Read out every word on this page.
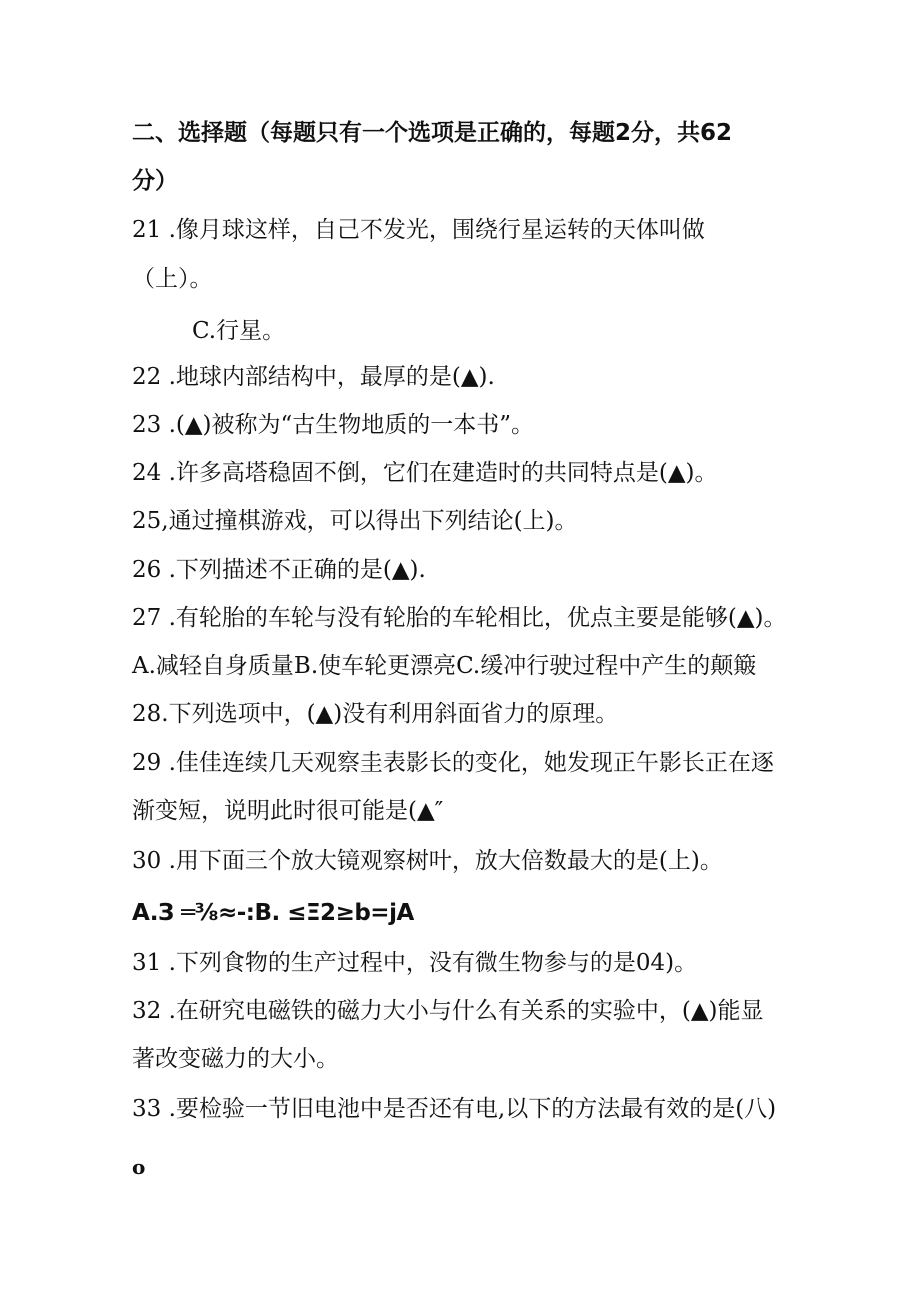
二、选择题（每题只有一个选项是正确的，每题2分，共62
分）
21 .像月球这样，自己不发光，围绕行星运转的天体叫做
（上）。
C.行星。
22 .地球内部结构中，最厚的是(▲).
23 .(▲)被称为“古生物地质的一本书”。
24 .许多高塔稳固不倒，它们在建造时的共同特点是(▲)。
25,通过撞棋游戏，可以得出下列结论(上)。
26 .下列描述不正确的是(▲).
27 .有轮胎的车轮与没有轮胎的车轮相比，优点主要是能够(▲)。
A.减轻自身质量B.使车轮更漂亮C.缓冲行驶过程中产生的颠簸
28.下列选项中，(▲)没有利用斜面省力的原理。
29 .佳佳连续几天观察圭表影长的变化，她发现正午影长正在逐
渐变短，说明此时很可能是(▲″
30 .用下面三个放大镜观察树叶，放大倍数最大的是(上)。
A.З ═⅜≈-:B. ≤Ξ2≥b=jA
31 .下列食物的生产过程中，没有微生物参与的是04)。
32 .在研究电磁铁的磁力大小与什么有关系的实验中，(▲)能显
著改变磁力的大小。
33 .要检验一节旧电池中是否还有电,以下的方法最有效的是(八)
o
